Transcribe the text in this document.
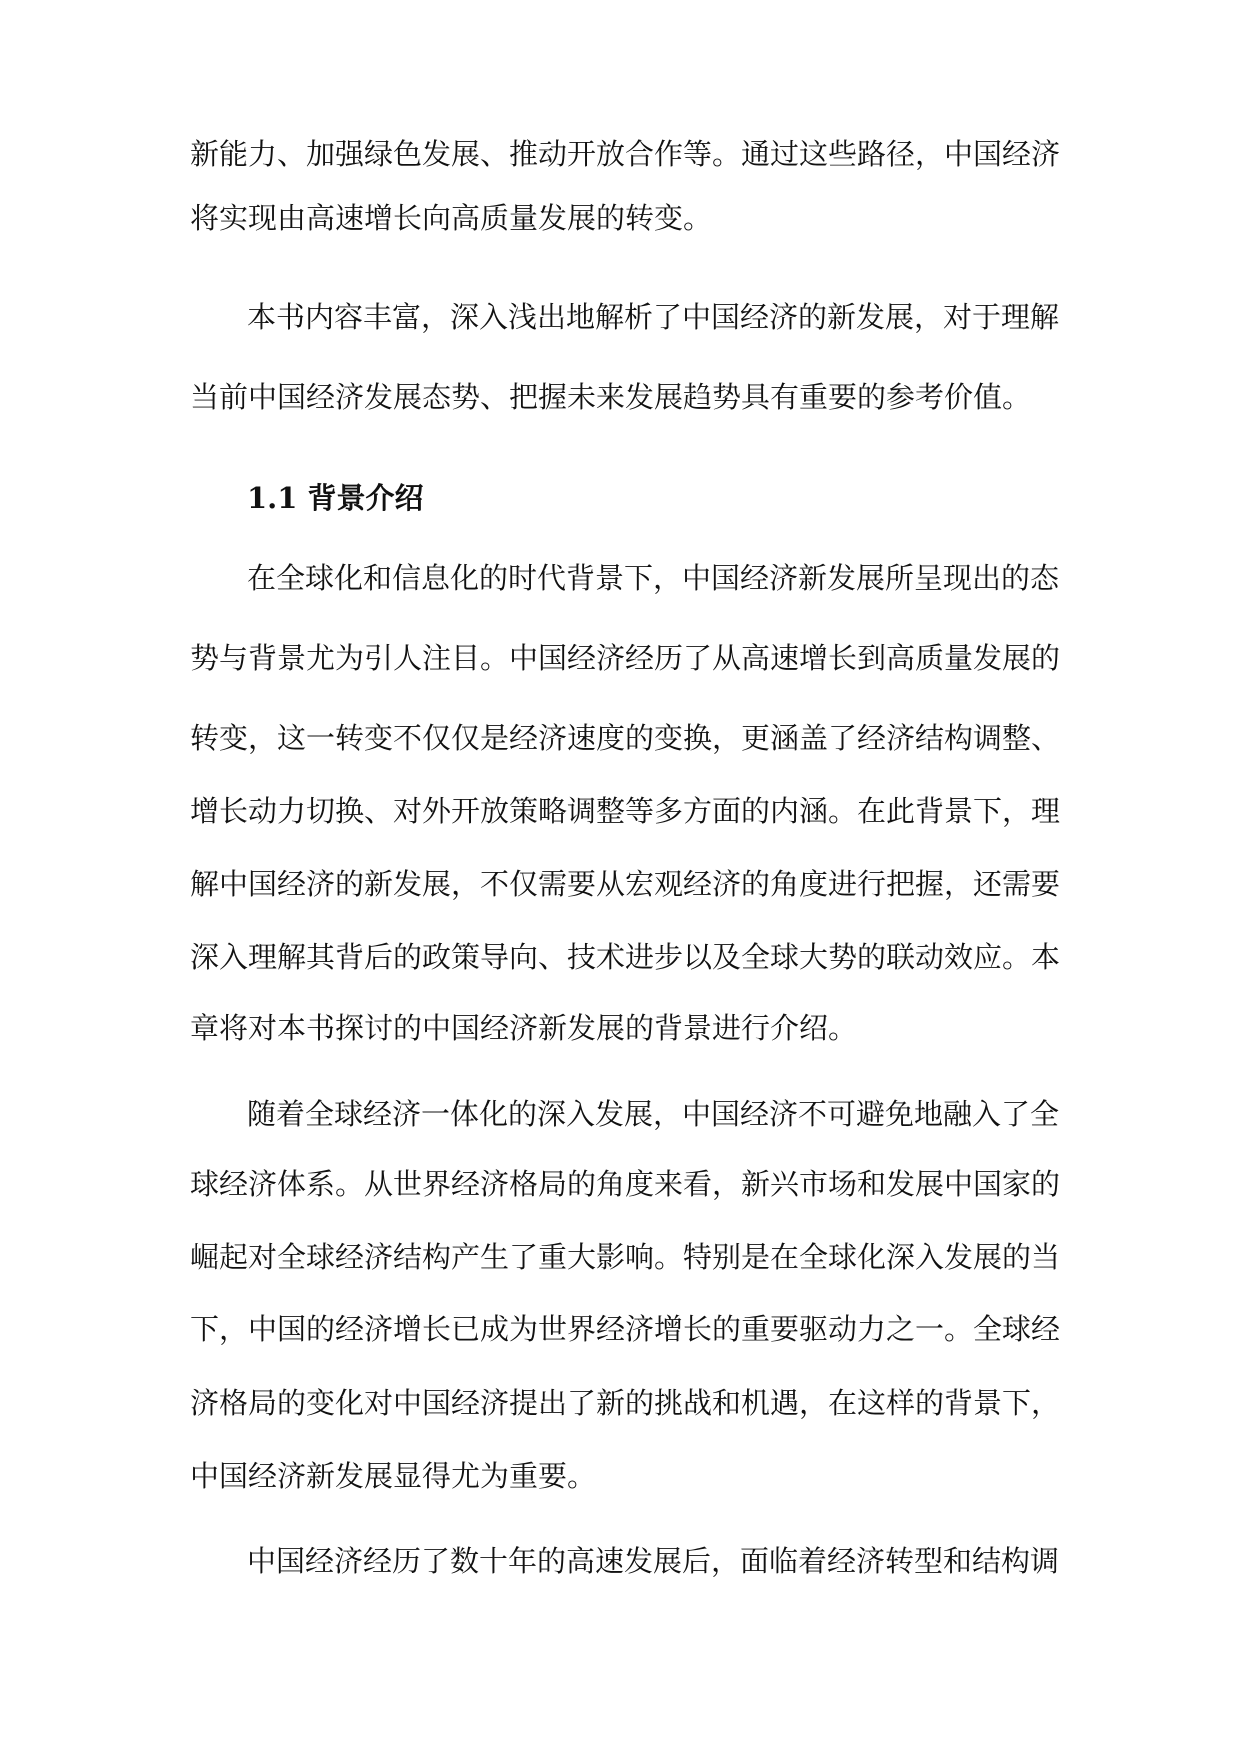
新能力、加强绿色发展、推动开放合作等。通过这些路径，中国经济
将实现由高速增长向高质量发展的转变。
本书内容丰富，深入浅出地解析了中国经济的新发展，对于理解
当前中国经济发展态势、把握未来发展趋势具有重要的参考价值。
1.1 背景介绍
在全球化和信息化的时代背景下，中国经济新发展所呈现出的态
势与背景尤为引人注目。中国经济经历了从高速增长到高质量发展的
转变，这一转变不仅仅是经济速度的变换，更涵盖了经济结构调整、
增长动力切换、对外开放策略调整等多方面的内涵。在此背景下，理
解中国经济的新发展，不仅需要从宏观经济的角度进行把握，还需要
深入理解其背后的政策导向、技术进步以及全球大势的联动效应。本
章将对本书探讨的中国经济新发展的背景进行介绍。
随着全球经济一体化的深入发展，中国经济不可避免地融入了全
球经济体系。从世界经济格局的角度来看，新兴市场和发展中国家的
崛起对全球经济结构产生了重大影响。特别是在全球化深入发展的当
下，中国的经济增长已成为世界经济增长的重要驱动力之一。全球经
济格局的变化对中国经济提出了新的挑战和机遇，在这样的背景下，
中国经济新发展显得尤为重要。
中国经济经历了数十年的高速发展后，面临着经济转型和结构调
